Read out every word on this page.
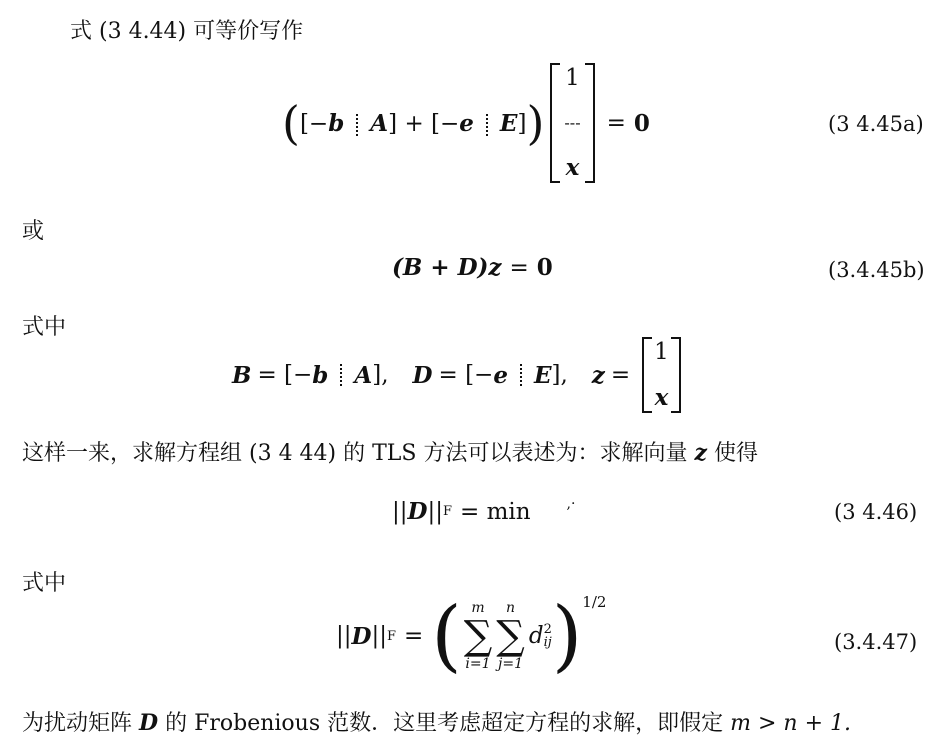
式 (3 4.44) 可等价写作
( [−b A] + [−e E] )
1
---
x
= 0	(3 4.45a)
或
(B + D)z = 0	(3.4.45b)
式中
B = [− b A ], D = [− e E ], z =
1
x
这样一来，求解方程组 (3 4 44) 的 TLS 方法可以表述为：求解向量 z 使得
|| D || F = min	,·	(3 4.46)
式中
|| D || F = ( m
∑
i=1
n
∑
j=1
d 2
ij ) 1/2
(3.4.47)
为扰动矩阵 D 的 Frobenious 范数．这里考虑超定方程的求解，即假定 m > n + 1.
